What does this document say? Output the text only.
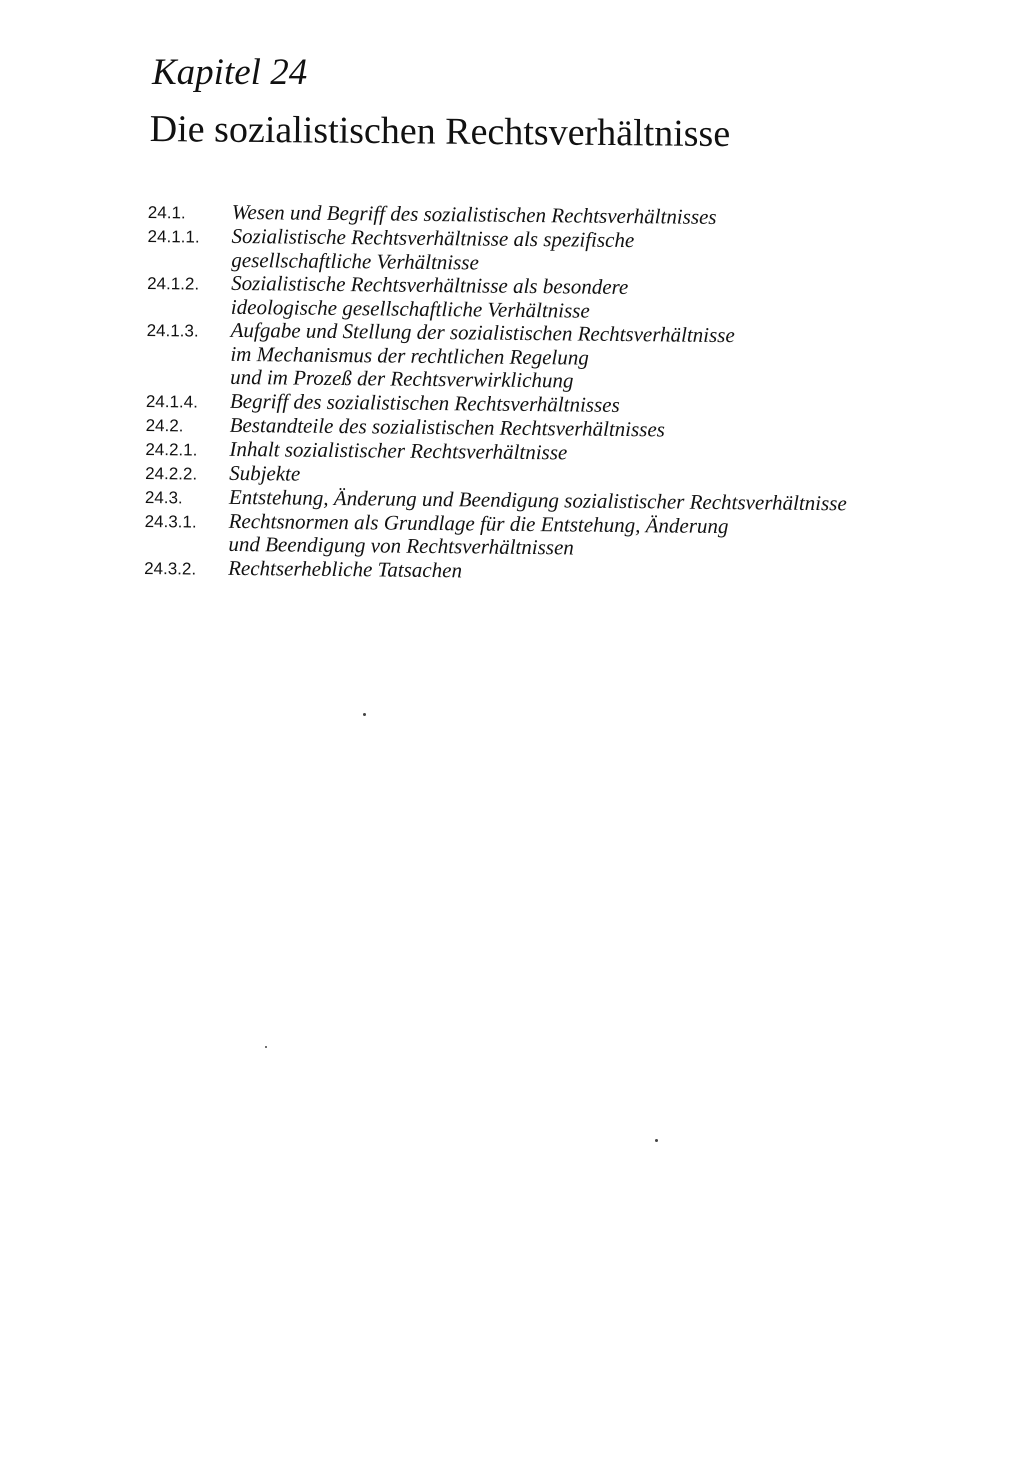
Kapitel 24
Die sozialistischen Rechtsverhältnisse
24.1.	Wesen und Begriff des sozialistischen Rechtsverhältnisses
24.1.1.	Sozialistische Rechtsverhältnisse als spezifische
gesellschaftliche Verhältnisse
24.1.2.	Sozialistische Rechtsverhältnisse als besondere
ideologische gesellschaftliche Verhältnisse
24.1.3.	Aufgabe und Stellung der sozialistischen Rechtsverhältnisse
im Mechanismus der rechtlichen Regelung
und im Prozeß der Rechtsverwirklichung
24.1.4.	Begriff des sozialistischen Rechtsverhältnisses
24.2.	Bestandteile des sozialistischen Rechtsverhältnisses
24.2.1.	Inhalt sozialistischer Rechtsverhältnisse
24.2.2.	Subjekte
24.3.	Entstehung, Änderung und Beendigung sozialistischer Rechtsverhältnisse
24.3.1.	Rechtsnormen als Grundlage für die Entstehung, Änderung
und Beendigung von Rechtsverhältnissen
24.3.2.	Rechtserhebliche Tatsachen
